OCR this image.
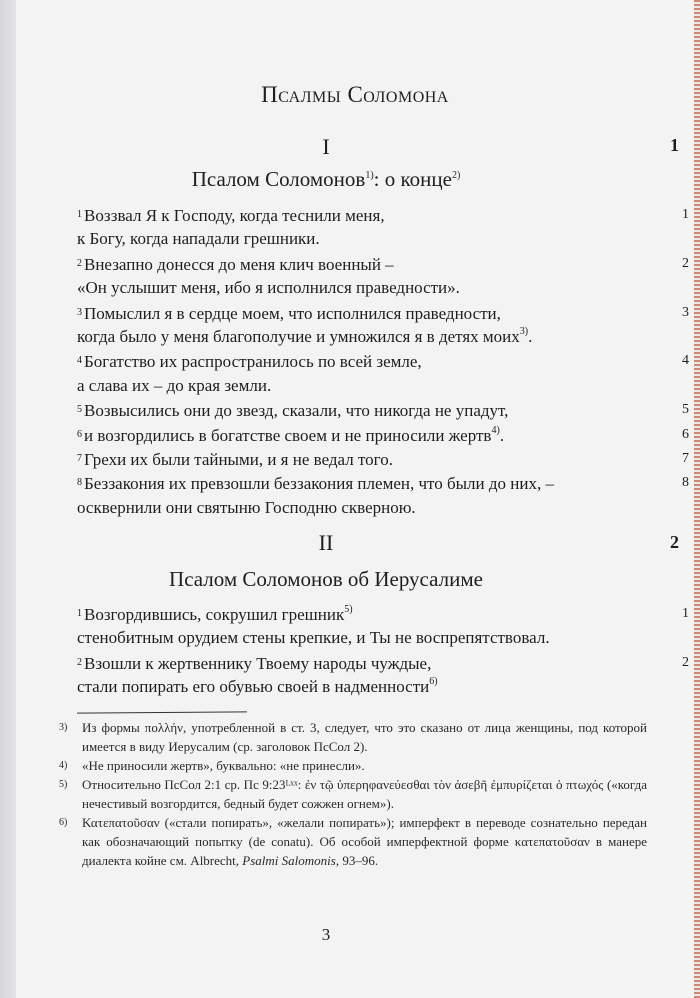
Псалмы Соломона
I	1
Псалом Соломонов$^{1)}$: о конце$^{2)}$
$^1$ Воззвал Я к Господу, когда теснили меня,	1
к Богу, когда нападали грешники.
$^2$ Внезапно донесся до меня клич военный –	2
«Он услышит меня, ибо я исполнился праведности».
$^3$ Помыслил я в сердце моем, что исполнился праведности,	3
когда было у меня благополучие и умножился я в детях моих$^{3)}$.
$^4$ Богатство их распространилось по всей земле,	4
а слава их – до края земли.
$^5$ Возвысились они до звезд, сказали, что никогда не упадут,	5
$^6$ и возгордились в богатстве своем и не приносили жертв$^{4)}$.	6
$^7$ Грехи их были тайными, и я не ведал того.	7
$^8$ Беззакония их превзошли беззакония племен, что были до них, –	8
осквернили они святыню Господню скверною.
II	2
Псалом Соломонов об Иерусалиме
$^1$ Возгордившись, сокрушил грешник$^{5)}$	1
стенобитным орудием стены крепкие, и Ты не воспрепятствовал.
$^2$ Взошли к жертвеннику Твоему народы чуждые,	2
стали попирать его обувью своей в надменности$^{6)}$
3)	Из формы πολλήν, употребленной в ст. 3, следует, что это сказано от лица женщины, под которой имеется в виду Иерусалим (ср. заголовок ПсСол 2).
4)	«Не приносили жертв», буквально: «не принесли».
5)	Относительно ПсСол 2:1 ср. Пс 9:23ᴸˣˣ: ἐν τῷ ὑπερηφανεύεσθαι τὸν ἀσεβῆ ἐμπυρίζεται ὁ πτωχός («когда нечестивый возгордится, бедный будет сожжен огнем»).
6)	Κατεπατοῦσαν («стали попирать», «желали попирать»); имперфект в переводе сознательно передан как обозначающий попытку (de conatu). Об особой имперфектной форме κατεπατοῦσαν в манере диалекта койне см. Albrecht, Psalmi Salomonis, 93–96.
3
